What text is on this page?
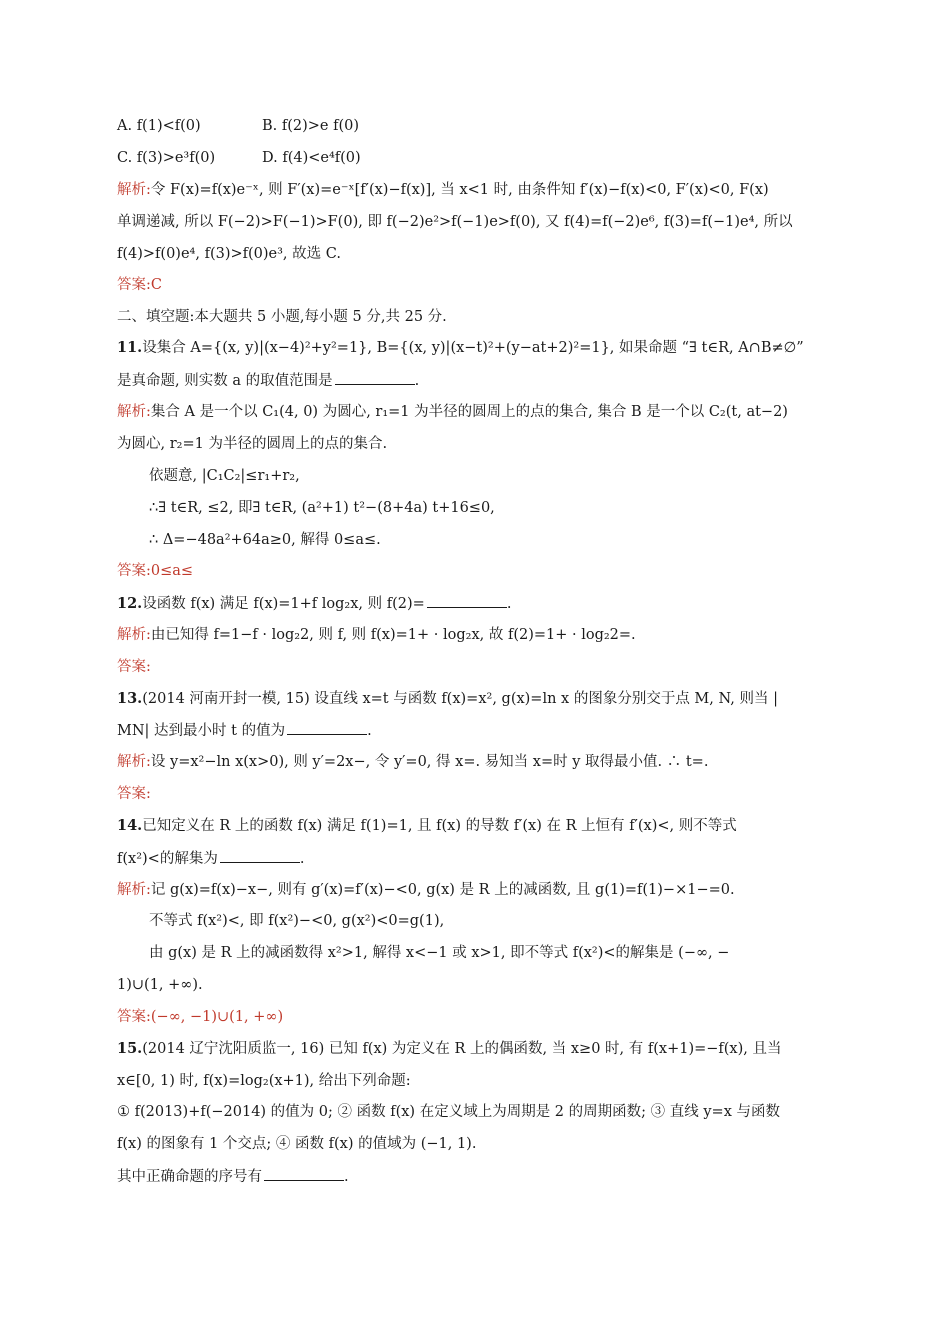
A. f(1)<f(0)	B. f(2)>e f(0)
C. f(3)>e³f(0)	D. f(4)<e⁴f(0)
解析:令 F(x)=f(x)e⁻ˣ, 则 F′(x)=e⁻ˣ[f′(x)−f(x)], 当 x<1 时, 由条件知 f′(x)−f(x)<0, F′(x)<0, F(x)
单调递减, 所以 F(−2)>F(−1)>F(0), 即 f(−2)e²>f(−1)e>f(0), 又 f(4)=f(−2)e⁶, f(3)=f(−1)e⁴, 所以
f(4)>f(0)e⁴, f(3)>f(0)e³, 故选 C.
答案:C
二、填空题:本大题共 5 小题,每小题 5 分,共 25 分.
11.设集合 A={(x, y)|(x−4)²+y²=1}, B={(x, y)|(x−t)²+(y−at+2)²=1}, 如果命题 “∃ t∈R, A∩B≠∅”
是真命题, 则实数 a 的取值范围是	.
解析:集合 A 是一个以 C₁(4, 0) 为圆心, r₁=1 为半径的圆周上的点的集合, 集合 B 是一个以 C₂(t, at−2)
为圆心, r₂=1 为半径的圆周上的点的集合.
依题意, |C₁C₂|≤r₁+r₂,
∴∃ t∈R, ≤2, 即∃ t∈R, (a²+1) t²−(8+4a) t+16≤0,
∴ Δ=−48a²+64a≥0, 解得 0≤a≤.
答案:0≤a≤
12.设函数 f(x) 满足 f(x)=1+f log₂x, 则 f(2)=	.
解析:由已知得 f=1−f · log₂2, 则 f, 则 f(x)=1+ · log₂x, 故 f(2)=1+ · log₂2=.
答案:
13.(2014 河南开封一模, 15) 设直线 x=t 与函数 f(x)=x², g(x)=ln x 的图象分别交于点 M, N, 则当 |
MN| 达到最小时 t 的值为	.
解析:设 y=x²−ln x(x>0), 则 y′=2x−, 令 y′=0, 得 x=. 易知当 x=时 y 取得最小值. ∴ t=.
答案:
14.已知定义在 R 上的函数 f(x) 满足 f(1)=1, 且 f(x) 的导数 f′(x) 在 R 上恒有 f′(x)<, 则不等式
f(x²)<的解集为	.
解析:记 g(x)=f(x)−x−, 则有 g′(x)=f′(x)−<0, g(x) 是 R 上的减函数, 且 g(1)=f(1)−×1−=0.
不等式 f(x²)<, 即 f(x²)−<0, g(x²)<0=g(1),
由 g(x) 是 R 上的减函数得 x²>1, 解得 x<−1 或 x>1, 即不等式 f(x²)<的解集是 (−∞, −
1)∪(1, +∞).
答案:(−∞, −1)∪(1, +∞)
15.(2014 辽宁沈阳质监一, 16) 已知 f(x) 为定义在 R 上的偶函数, 当 x≥0 时, 有 f(x+1)=−f(x), 且当
x∈[0, 1) 时, f(x)=log₂(x+1), 给出下列命题:
① f(2013)+f(−2014) 的值为 0; ② 函数 f(x) 在定义域上为周期是 2 的周期函数; ③ 直线 y=x 与函数
f(x) 的图象有 1 个交点; ④ 函数 f(x) 的值域为 (−1, 1).
其中正确命题的序号有	.
